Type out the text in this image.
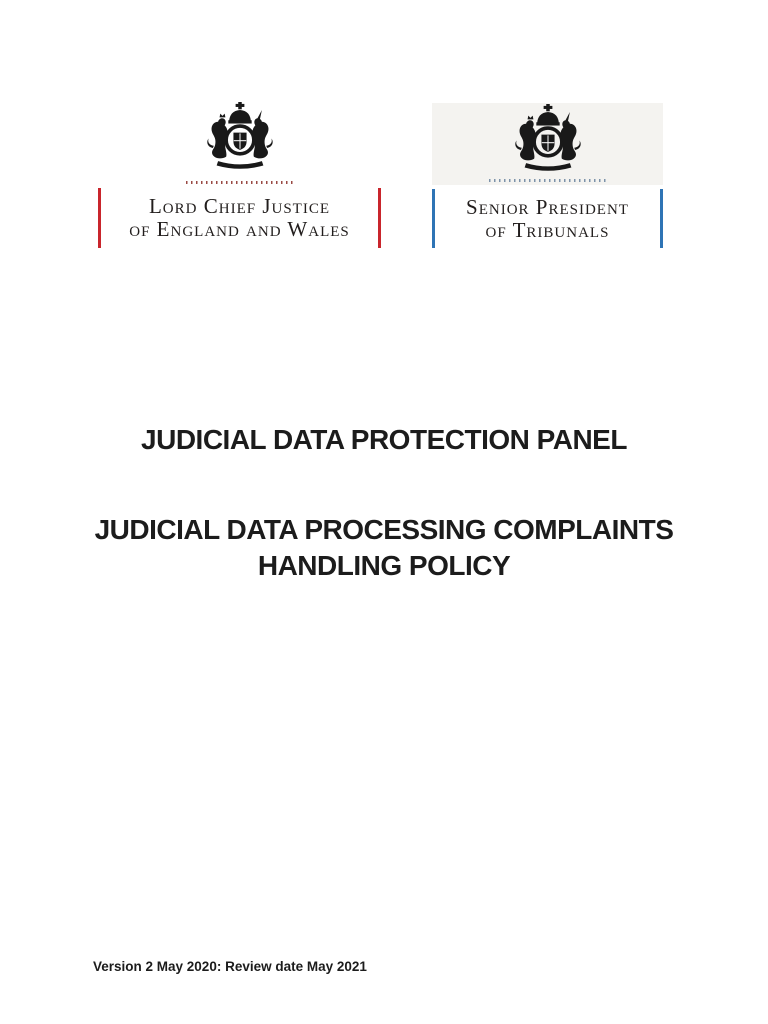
Lord Chief Justice
of England and Wales
Senior President
of Tribunals
JUDICIAL DATA PROTECTION PANEL
JUDICIAL DATA PROCESSING COMPLAINTS
HANDLING POLICY
Version 2 May 2020: Review date May 2021
